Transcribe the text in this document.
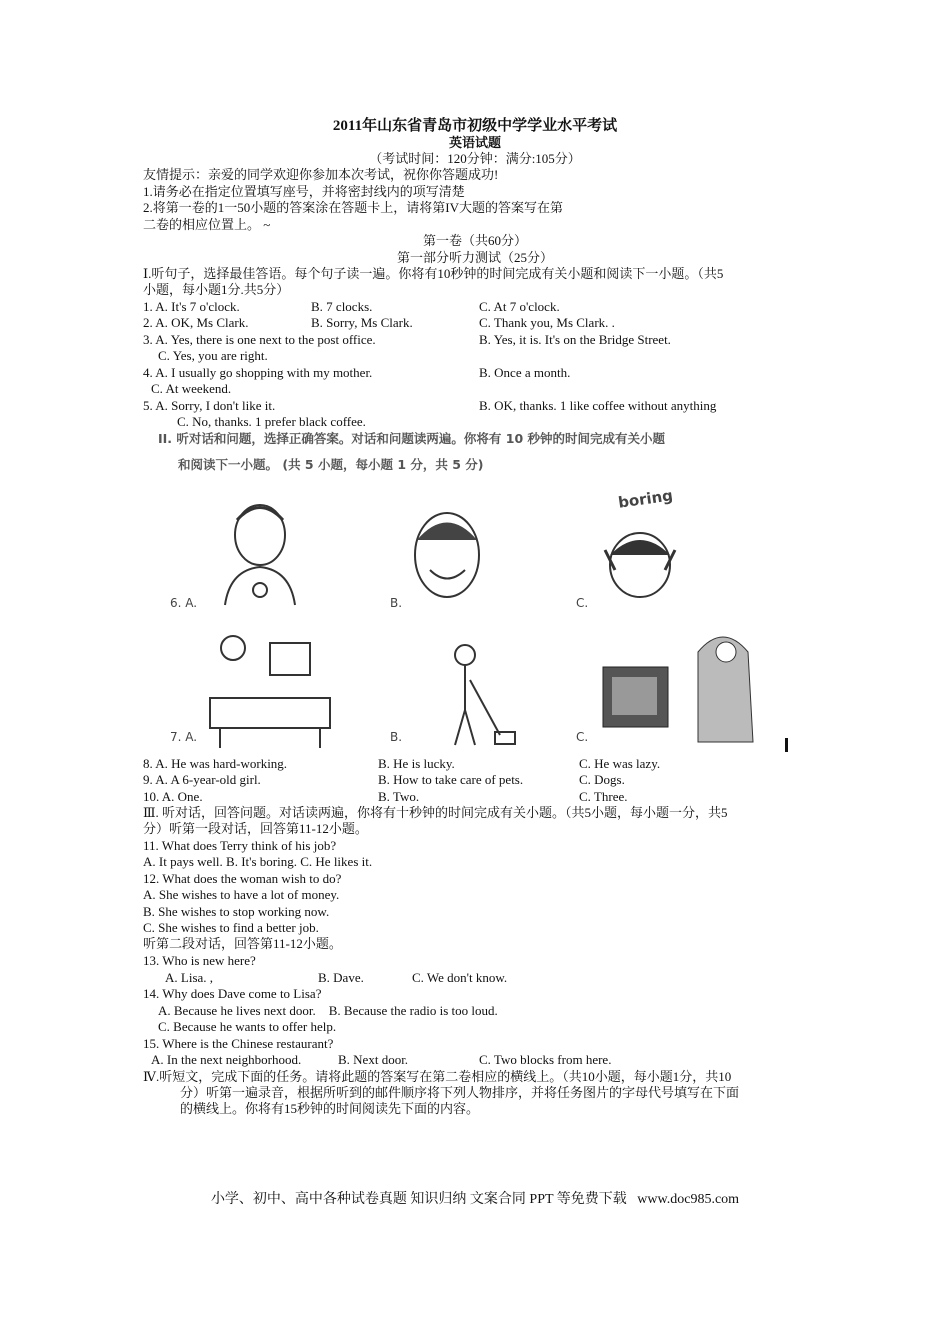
2011年山东省青岛市初级中学学业水平考试
英语试题
（考试时间：120分钟：满分:105分）
友情提示：亲爱的同学欢迎你参加本次考试，祝你你答题成功!
1.请务必在指定位置填写座号，并将密封线内的项写清楚
2.将第一卷的1一50小题的答案涂在答题卡上，请将第IV大题的答案写在第
二卷的相应位置上。 ~
第一卷（共60分）
第一部分听力测试（25分）
Ⅰ.听句子，选择最佳答语。每个句子读一遍。你将有10秒钟的时间完成有关小题和阅读下一小题。（共5
小题，每小题1分.共5分）
1. A. It's 7 o'clock.	B. 7 clocks.	C. At 7 o'clock.
2. A. OK, Ms Clark.	B. Sorry, Ms Clark.	C. Thank you, Ms Clark. .
3. A. Yes, there is one next to the post office.	B. Yes, it is. It's on the Bridge Street.
C. Yes, you are right.
4. A. I usually go shopping with my mother.	B. Once a month.
C. At weekend.
5. A. Sorry, I don't like it.	B. OK, thanks. 1 like coffee without anything
C. No, thanks. 1 prefer black coffee.
II. 听对话和问题，选择正确答案。对话和问题读两遍。你将有 10 秒钟的时间完成有关小题
和阅读下一小题。 (共 5 小题，每小题 1 分，共 5 分)
boring
6. A.	B.	C.
7. A.	B.	C.
8. A. He was hard-working.	B. He is lucky.	C. He was lazy.
9. A. A 6-year-old girl.	B. How to take care of pets.	C. Dogs.
10. A. One.	B. Two.	C. Three.
Ⅲ. 听对话，回答问题。对话读两遍，你将有十秒钟的时间完成有关小题。（共5小题，每小题一分，共5
分）听第一段对话，回答第11-12小题。
11. What does Terry think of his job?
A. It pays well. B. It's boring. C. He likes it.
12. What does the woman wish to do?
A. She wishes to have a lot of money.
B. She wishes to stop working now.
C. She wishes to find a better job.
听第二段对话，回答第11-12小题。
13. Who is new here?
A. Lisa. ,	B. Dave.	C. We don't know.
14. Why does Dave come to Lisa?
A. Because he lives next door.    B. Because the radio is too loud.
C. Because he wants to offer help.
15. Where is the Chinese restaurant?
A. In the next neighborhood.	B. Next door.	C. Two blocks from here.
Ⅳ.听短文，完成下面的任务。请将此题的答案写在第二卷相应的横线上。（共10小题，每小题1分，共10
分）听第一遍录音，根据所听到的邮件顺序将下列人物排序，并将任务图片的字母代号填写在下面
的横线上。你将有15秒钟的时间阅读先下面的内容。
小学、初中、高中各种试卷真题 知识归纳 文案合同 PPT 等免费下载   www.doc985.com
